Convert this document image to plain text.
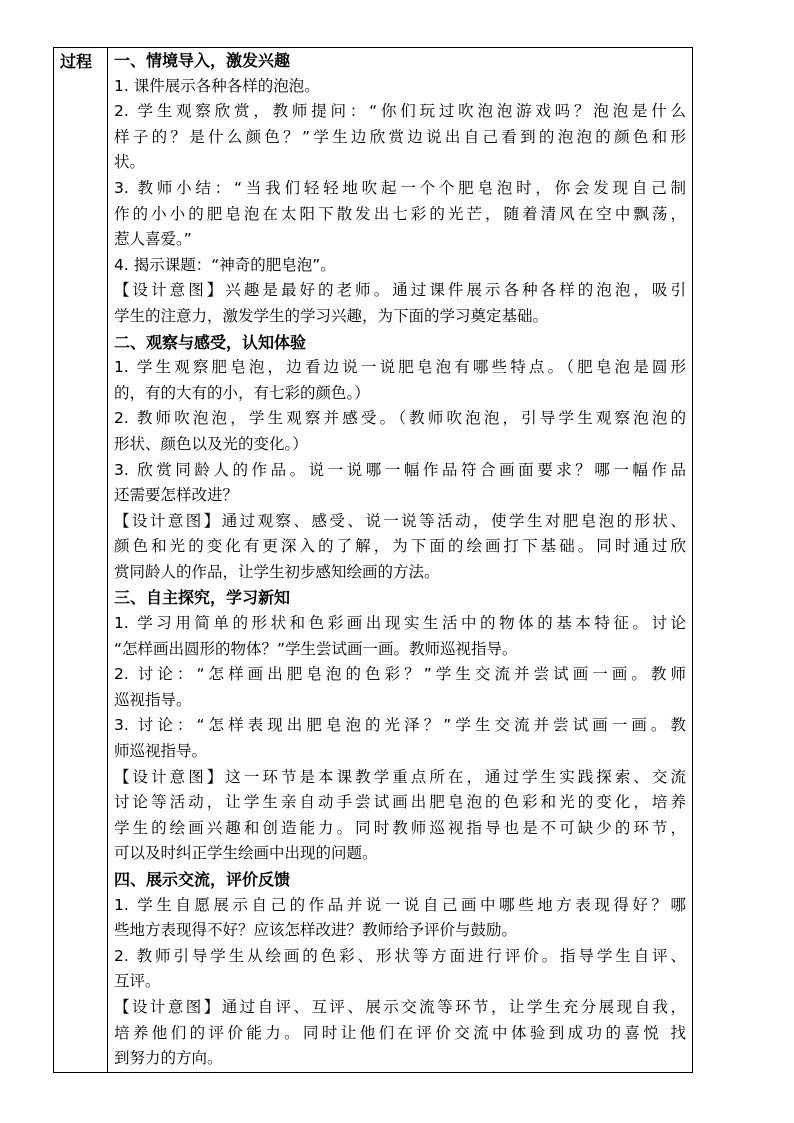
过程	一、情境导入，激发兴趣
1. 课件展示各种各样的泡泡。
2. 学生观察欣赏，教师提问：“你们玩过吹泡泡游戏吗？泡泡是什么
样子的？是什么颜色？”学生边欣赏边说出自己看到的泡泡的颜色和形
状。
3. 教师小结：“当我们轻轻地吹起一个个肥皂泡时，你会发现自己制
作的小小的肥皂泡在太阳下散发出七彩的光芒，随着清风在空中飘荡，
惹人喜爱。”
4. 揭示课题：“神奇的肥皂泡”。
【设计意图】兴趣是最好的老师。通过课件展示各种各样的泡泡，吸引
学生的注意力，激发学生的学习兴趣，为下面的学习奠定基础。
二、观察与感受，认知体验
1. 学生观察肥皂泡，边看边说一说肥皂泡有哪些特点。（肥皂泡是圆形
的，有的大有的小，有七彩的颜色。）
2. 教师吹泡泡，学生观察并感受。（教师吹泡泡，引导学生观察泡泡的
形状、颜色以及光的变化。）
3. 欣赏同龄人的作品。说一说哪一幅作品符合画面要求？哪一幅作品
还需要怎样改进？
【设计意图】通过观察、感受、说一说等活动，使学生对肥皂泡的形状、
颜色和光的变化有更深入的了解，为下面的绘画打下基础。同时通过欣
赏同龄人的作品，让学生初步感知绘画的方法。
三、自主探究，学习新知
1. 学习用简单的形状和色彩画出现实生活中的物体的基本特征。讨论
“怎样画出圆形的物体？”学生尝试画一画。教师巡视指导。
2. 讨论：“怎样画出肥皂泡的色彩？”学生交流并尝试画一画。教师
巡视指导。
3. 讨论：“怎样表现出肥皂泡的光泽？”学生交流并尝试画一画。教
师巡视指导。
【设计意图】这一环节是本课教学重点所在，通过学生实践探索、交流
讨论等活动，让学生亲自动手尝试画出肥皂泡的色彩和光的变化，培养
学生的绘画兴趣和创造能力。同时教师巡视指导也是不可缺少的环节，
可以及时纠正学生绘画中出现的问题。
四、展示交流，评价反馈
1. 学生自愿展示自己的作品并说一说自己画中哪些地方表现得好？哪
些地方表现得不好？应该怎样改进？教师给予评价与鼓励。
2. 教师引导学生从绘画的色彩、形状等方面进行评价。指导学生自评、
互评。
【设计意图】通过自评、互评、展示交流等环节，让学生充分展现自我，
培养他们的评价能力。同时让他们在评价交流中体验到成功的喜悦 找
到努力的方向。
